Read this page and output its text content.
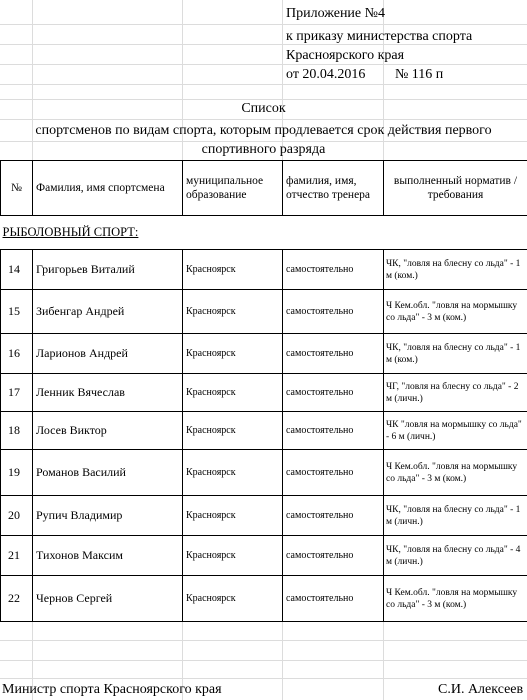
Приложение №4
к приказу министерства спорта
Красноярского края
от 20.04.2016 № 116 п
Список
спортсменов по видам спорта, которым продлевается срок действия первого
спортивного разряда
№	Фамилия, имя спортсмена	муниципальное образование	фамилия, имя, отчество тренера	выполненный норматив /требования
РЫБОЛОВНЫЙ СПОРТ:				
14	Григорьев Виталий	Красноярск	самостоятельно	ЧК, "ловля на блесну со льда" - 1 м (ком.)
15	Зибенгар Андрей	Красноярск	самостоятельно	Ч Кем.обл. "ловля на мормышку со льда" - 3 м (ком.)
16	Ларионов Андрей	Красноярск	самостоятельно	ЧК, "ловля на блесну со льда" - 1 м (ком.)
17	Ленник Вячеслав	Красноярск	самостоятельно	ЧГ, "ловля на блесну со льда" - 2 м (личн.)
18	Лосев Виктор	Красноярск	самостоятельно	ЧК "ловля на мормышку со льда" - 6 м (личн.)
19	Романов Василий	Красноярск	самостоятельно	Ч Кем.обл. "ловля на мормышку со льда" - 3 м (ком.)
20	Рупич Владимир	Красноярск	самостоятельно	ЧК, "ловля на блесну со льда" - 1 м (личн.)
21	Тихонов Максим	Красноярск	самостоятельно	ЧК, "ловля на блесну со льда" - 4 м (личн.)
22	Чернов Сергей	Красноярск	самостоятельно	Ч Кем.обл. "ловля на мормышку со льда" - 3 м (ком.)
Министр спорта Красноярского края	С.И. Алексеев
